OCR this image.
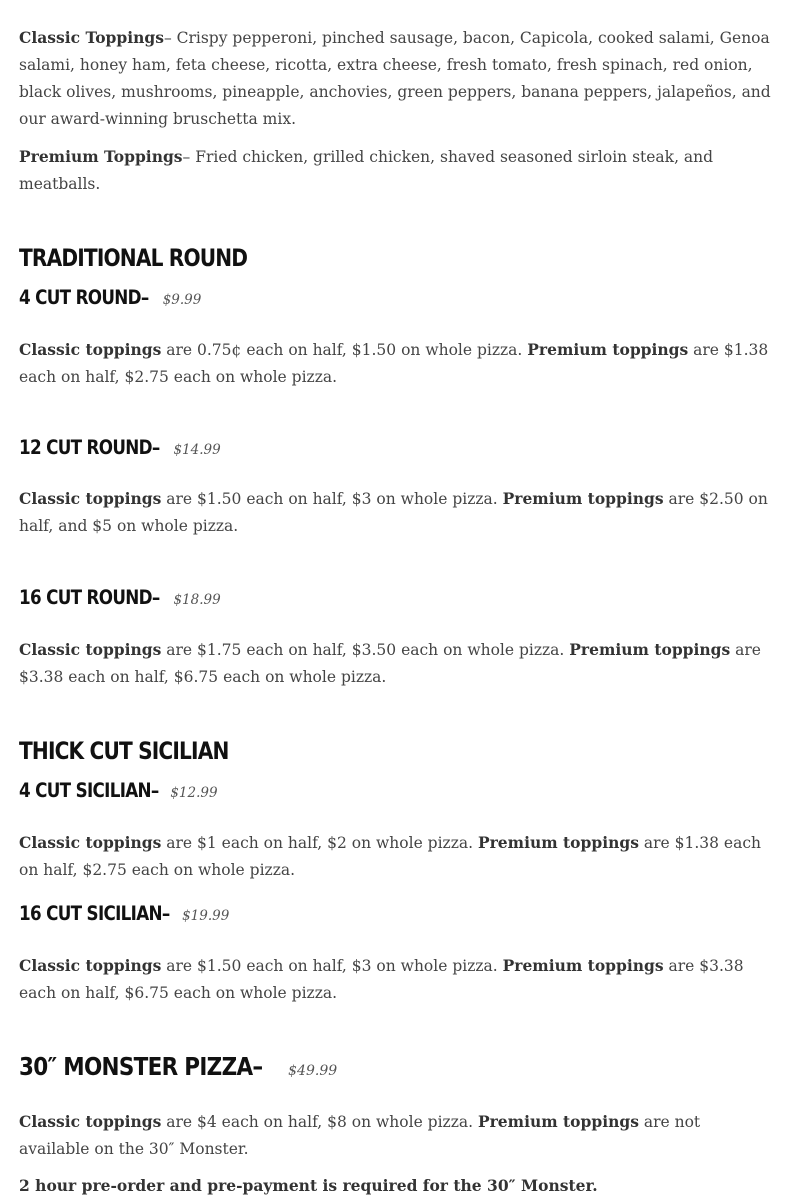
Classic Toppings– Crispy pepperoni, pinched sausage, bacon, Capicola, cooked salami, Genoa salami, honey ham, feta cheese, ricotta, extra cheese, fresh tomato, fresh spinach, red onion, black olives, mushrooms, pineapple, anchovies, green peppers, banana peppers, jalapeños, and our award-winning bruschetta mix.

Premium Toppings– Fried chicken, grilled chicken, shaved seasoned sirloin steak, and meatballs.

TRADITIONAL ROUND
4 CUT ROUND– $9.99

Classic toppings are 0.75¢ each on half, $1.50 on whole pizza. Premium toppings are $1.38 each on half, $2.75 each on whole pizza.

12 CUT ROUND– $14.99

Classic toppings are $1.50 each on half, $3 on whole pizza. Premium toppings are $2.50 on half, and $5 on whole pizza.

16 CUT ROUND– $18.99

Classic toppings are $1.75 each on half, $3.50 each on whole pizza. Premium toppings are $3.38 each on half, $6.75 each on whole pizza.

THICK CUT SICILIAN
4 CUT SICILIAN– $12.99

Classic toppings are $1 each on half, $2 on whole pizza. Premium toppings are $1.38 each on half, $2.75 each on whole pizza.

16 CUT SICILIAN– $19.99

Classic toppings are $1.50 each on half, $3 on whole pizza. Premium toppings are $3.38 each on half, $6.75 each on whole pizza.

30″ MONSTER PIZZA– $49.99

Classic toppings are $4 each on half, $8 on whole pizza. Premium toppings are not available on the 30″ Monster.

2 hour pre-order and pre-payment is required for the 30″ Monster.
